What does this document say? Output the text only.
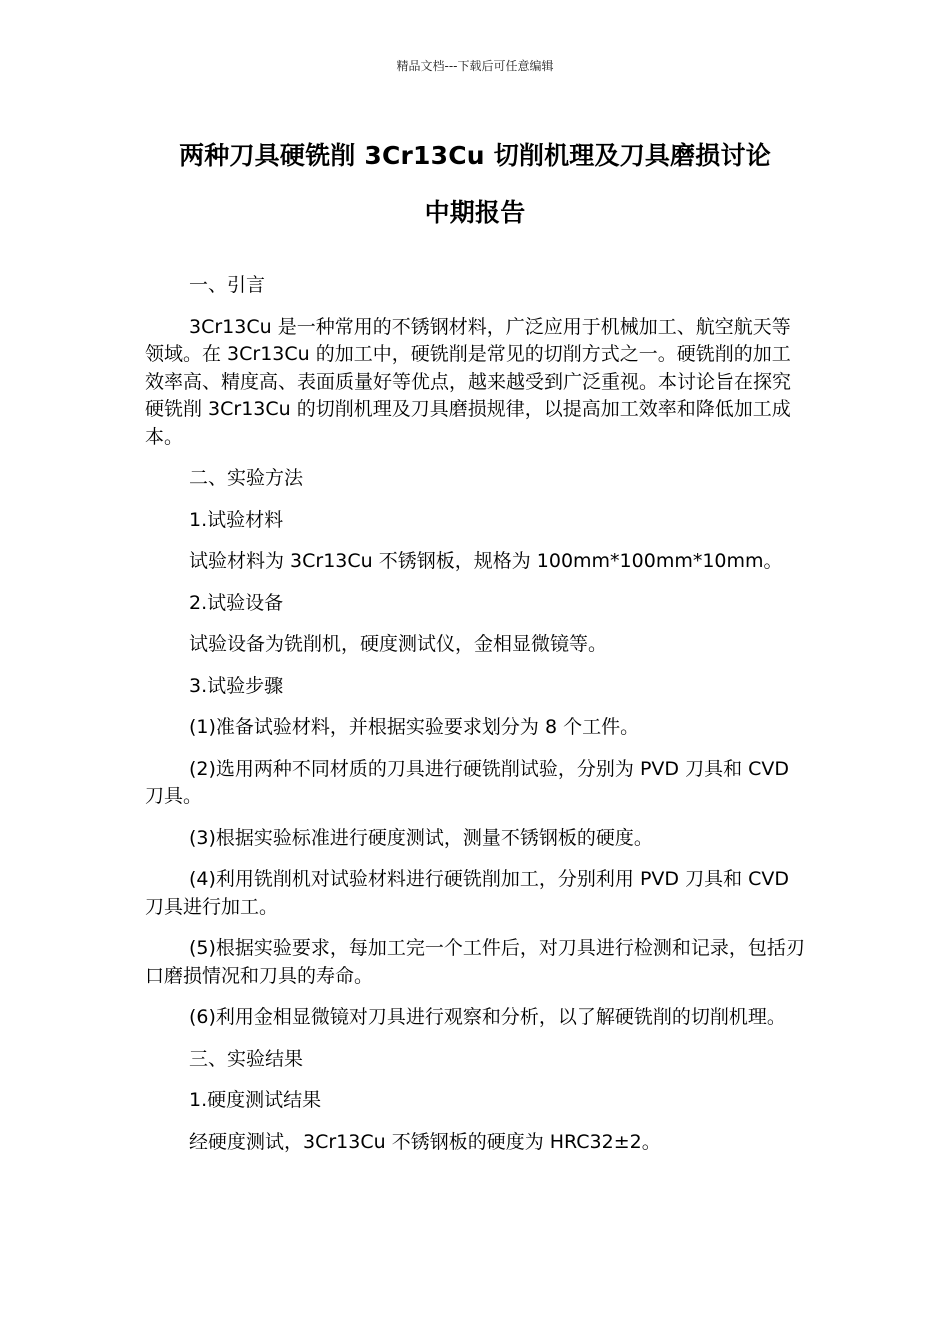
精品文档---下载后可任意编辑
两种刀具硬铣削 3Cr13Cu 切削机理及刀具磨损讨论
中期报告

一、引言

3Cr13Cu 是一种常用的不锈钢材料，广泛应用于机械加工、航空航天等领域。在 3Cr13Cu 的加工中，硬铣削是常见的切削方式之一。硬铣削的加工效率高、精度高、表面质量好等优点，越来越受到广泛重视。本讨论旨在探究硬铣削 3Cr13Cu 的切削机理及刀具磨损规律，以提高加工效率和降低加工成本。

二、实验方法

1.试验材料

试验材料为 3Cr13Cu 不锈钢板，规格为 100mm*100mm*10mm。

2.试验设备

试验设备为铣削机，硬度测试仪，金相显微镜等。

3.试验步骤

(1)准备试验材料，并根据实验要求划分为 8 个工件。

(2)选用两种不同材质的刀具进行硬铣削试验，分别为 PVD 刀具和 CVD 刀具。

(3)根据实验标准进行硬度测试，测量不锈钢板的硬度。

(4)利用铣削机对试验材料进行硬铣削加工，分别利用 PVD 刀具和 CVD 刀具进行加工。

(5)根据实验要求，每加工完一个工件后，对刀具进行检测和记录，包括刃口磨损情况和刀具的寿命。

(6)利用金相显微镜对刀具进行观察和分析，以了解硬铣削的切削机理。

三、实验结果

1.硬度测试结果

经硬度测试，3Cr13Cu 不锈钢板的硬度为 HRC32±2。
